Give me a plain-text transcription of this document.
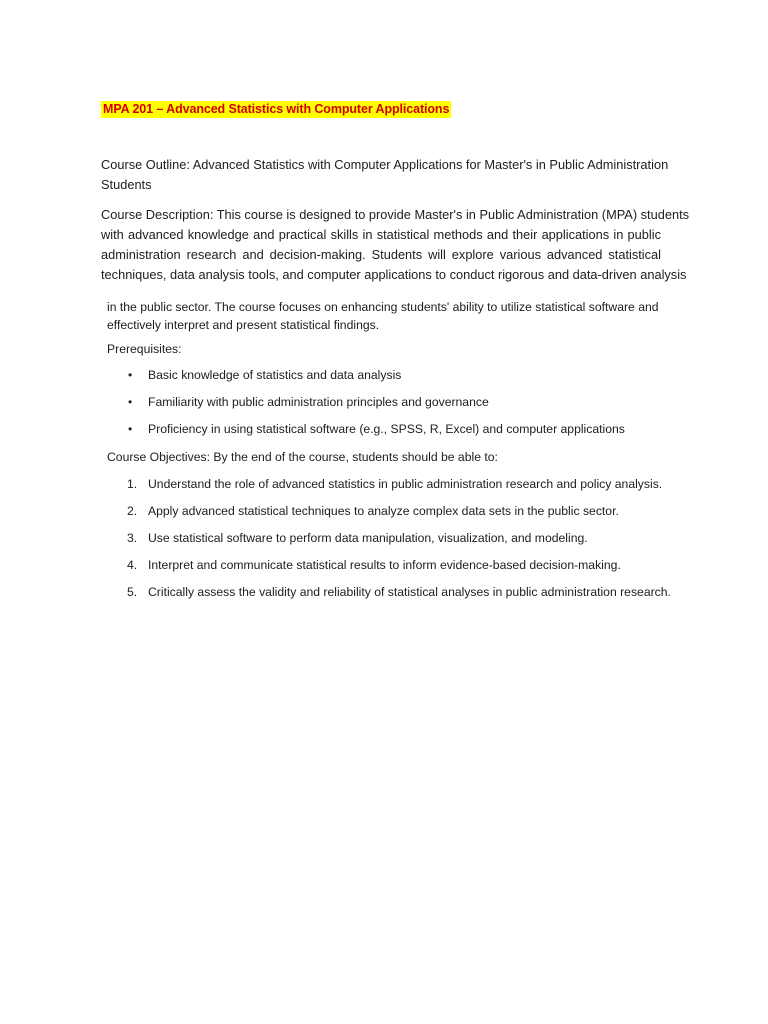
MPA 201 – Advanced Statistics with Computer Applications
Course Outline: Advanced Statistics with Computer Applications for Master's in Public Administration
Students
Course Description: This course is designed to provide Master's in Public Administration (MPA) students
with advanced knowledge and practical skills in statistical methods and their applications in public
administration research and decision-making. Students will explore various advanced statistical
techniques, data analysis tools, and computer applications to conduct rigorous and data-driven analysis
in the public sector. The course focuses on enhancing students' ability to utilize statistical software and
effectively interpret and present statistical findings.
Prerequisites:
• Basic knowledge of statistics and data analysis
• Familiarity with public administration principles and governance
• Proficiency in using statistical software (e.g., SPSS, R, Excel) and computer applications
Course Objectives: By the end of the course, students should be able to:
1. Understand the role of advanced statistics in public administration research and policy analysis.
2. Apply advanced statistical techniques to analyze complex data sets in the public sector.
3. Use statistical software to perform data manipulation, visualization, and modeling.
4. Interpret and communicate statistical results to inform evidence-based decision-making.
5. Critically assess the validity and reliability of statistical analyses in public administration research.
